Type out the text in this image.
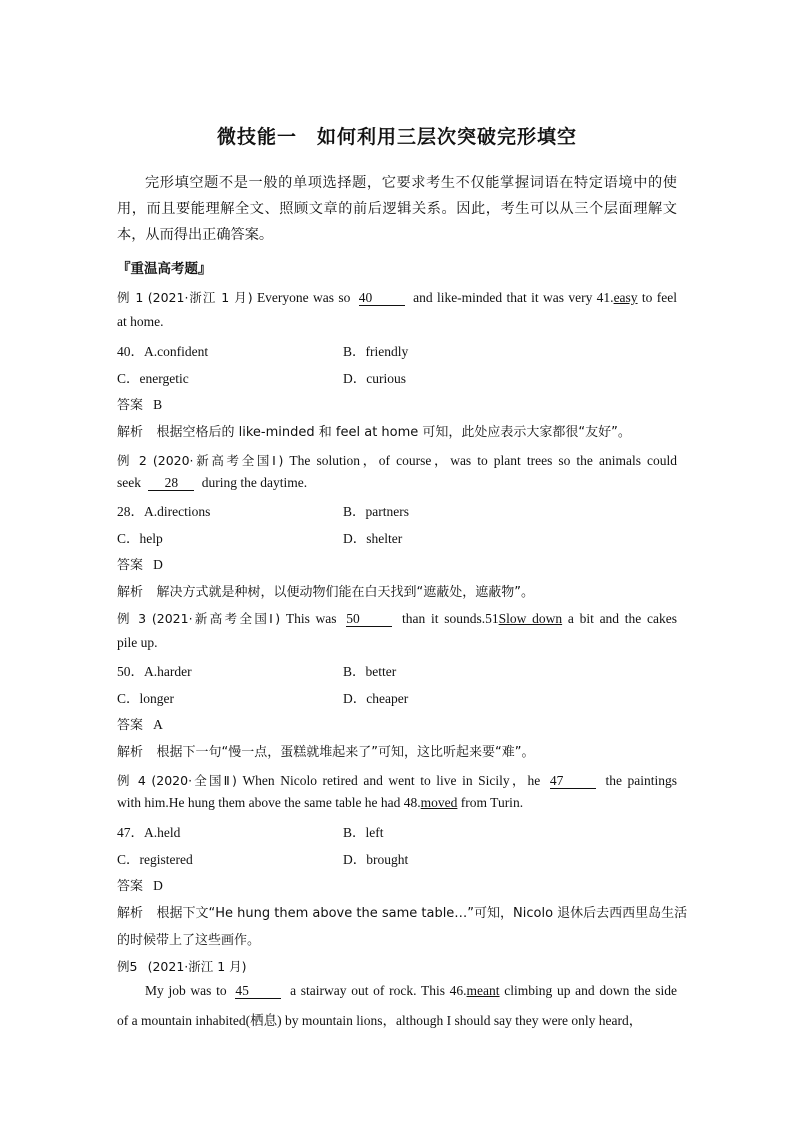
微技能一　如何利用三层次突破完形填空
完形填空题不是一般的单项选择题，它要求考生不仅能掌握词语在特定语境中的使用，而且要能理解全文、照顾文章的前后逻辑关系。因此，考生可以从三个层面理解文本，从而得出正确答案。
『重温高考题』
例 1 (2021·浙江 1 月) Everyone was so 40	and like-minded that it was very 41.easy to feel
at home.
40．A.confident	B．friendly
C．energetic	D．curious
答案 B
解析 根据空格后的 like-minded 和 feel at home 可知，此处应表示大家都很“友好”。
例 2 (2020·新高考全国Ⅰ) The solution，of course，was to plant trees so the animals could
seek 28 during the daytime.
28．A.directions	B．partners
C．help	D．shelter
答案 D
解析 解决方式就是种树，以便动物们能在白天找到“遮蔽处，遮蔽物”。
例 3 (2021·新高考全国Ⅰ) This was 50	than it sounds.51Slow down a bit and the cakes
pile up.
50．A.harder	B．better
C．longer	D．cheaper
答案 A
解析 根据下一句“慢一点，蛋糕就堆起来了”可知，这比听起来要“难”。
例 4 (2020·全国Ⅱ) When Nicolo retired and went to live in Sicily，he 47	the paintings
with him.He hung them above the same table he had 48.moved from Turin.
47．A.held	B．left
C．registered	D．brought
答案 D
解析 根据下文“He hung them above the same table…”可知，Nicolo 退休后去西西里岛生活
的时候带上了这些画作。
例5 (2021·浙江 1 月)
My job was to 45	a stairway out of rock. This 46.meant climbing up and down the side
of a mountain inhabited(栖息) by mountain lions，although I should say they were only heard，
